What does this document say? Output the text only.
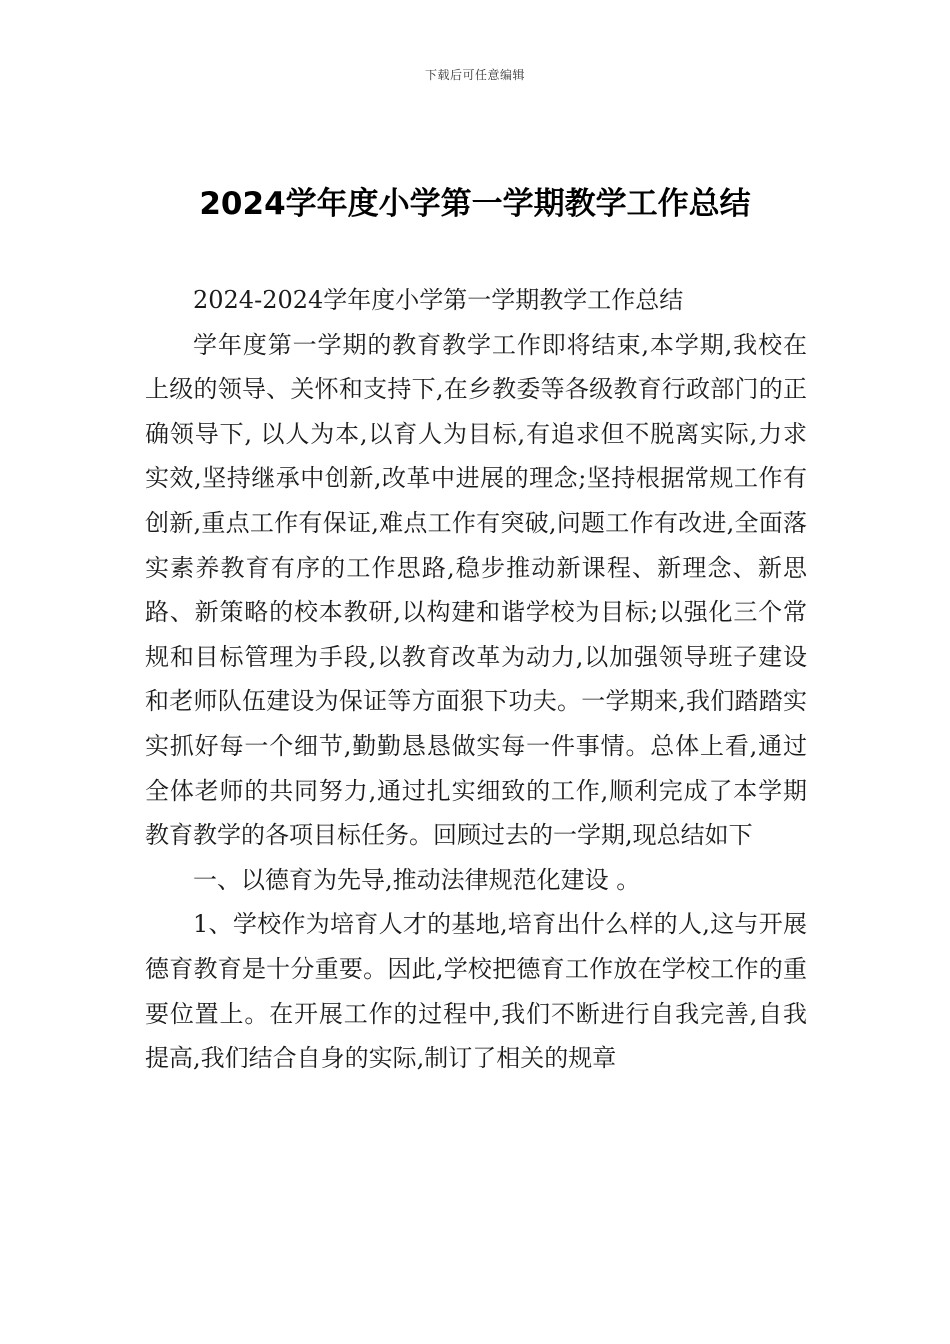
下载后可任意编辑
2024学年度小学第一学期教学工作总结

2024-2024学年度小学第一学期教学工作总结

学年度第一学期的教育教学工作即将结束,本学期,我校在上级的领导、关怀和支持下,在乡教委等各级教育行政部门的正确领导下, 以人为本,以育人为目标,有追求但不脱离实际,力求实效,坚持继承中创新,改革中进展的理念;坚持根据常规工作有创新,重点工作有保证,难点工作有突破,问题工作有改进,全面落实素养教育有序的工作思路,稳步推动新课程、新理念、新思路、新策略的校本教研,以构建和谐学校为目标;以强化三个常规和目标管理为手段,以教育改革为动力,以加强领导班子建设和老师队伍建设为保证等方面狠下功夫。一学期来,我们踏踏实实抓好每一个细节,勤勤恳恳做实每一件事情。总体上看,通过全体老师的共同努力,通过扎实细致的工作,顺利完成了本学期教育教学的各项目标任务。回顾过去的一学期,现总结如下

一、以德育为先导,推动法律规范化建设 。

1、学校作为培育人才的基地,培育出什么样的人,这与开展德育教育是十分重要。因此,学校把德育工作放在学校工作的重要位置上。在开展工作的过程中,我们不断进行自我完善,自我提高,我们结合自身的实际,制订了相关的规章
